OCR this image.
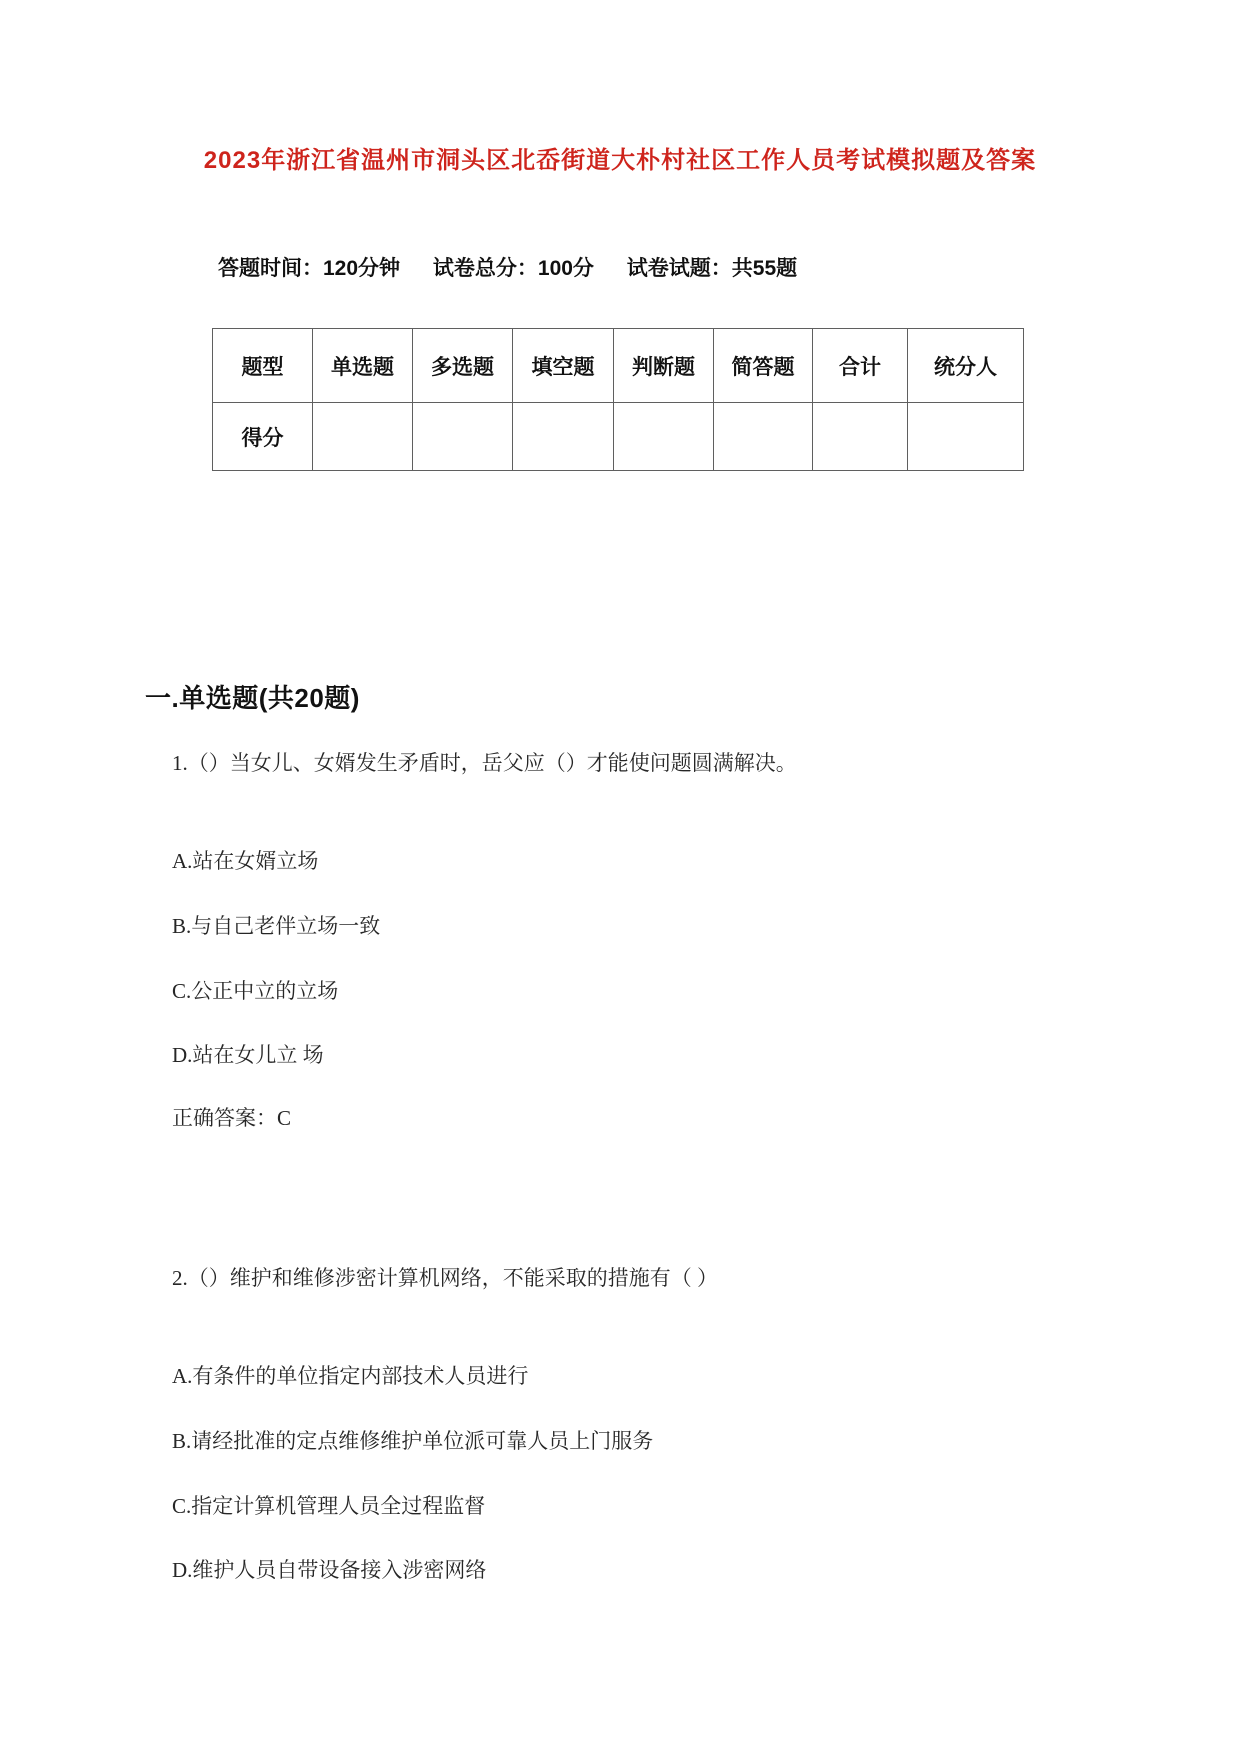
2023年浙江省温州市洞头区北岙街道大朴村社区工作人员考试模拟题及答案
答题时间：120分钟 试卷总分：100分 试卷试题：共55题
题型	单选题	多选题	填空题	判断题	简答题	合计	统分人
得分							
一.单选题(共20题)
1.（）当女儿、女婿发生矛盾时，岳父应（）才能使问题圆满解决。
A.站在女婿立场
B.与自己老伴立场一致
C.公正中立的立场
D.站在女儿立 场
正确答案：C
2.（）维护和维修涉密计算机网络，不能采取的措施有（ ）
A.有条件的单位指定内部技术人员进行
B.请经批准的定点维修维护单位派可靠人员上门服务
C.指定计算机管理人员全过程监督
D.维护人员自带设备接入涉密网络
